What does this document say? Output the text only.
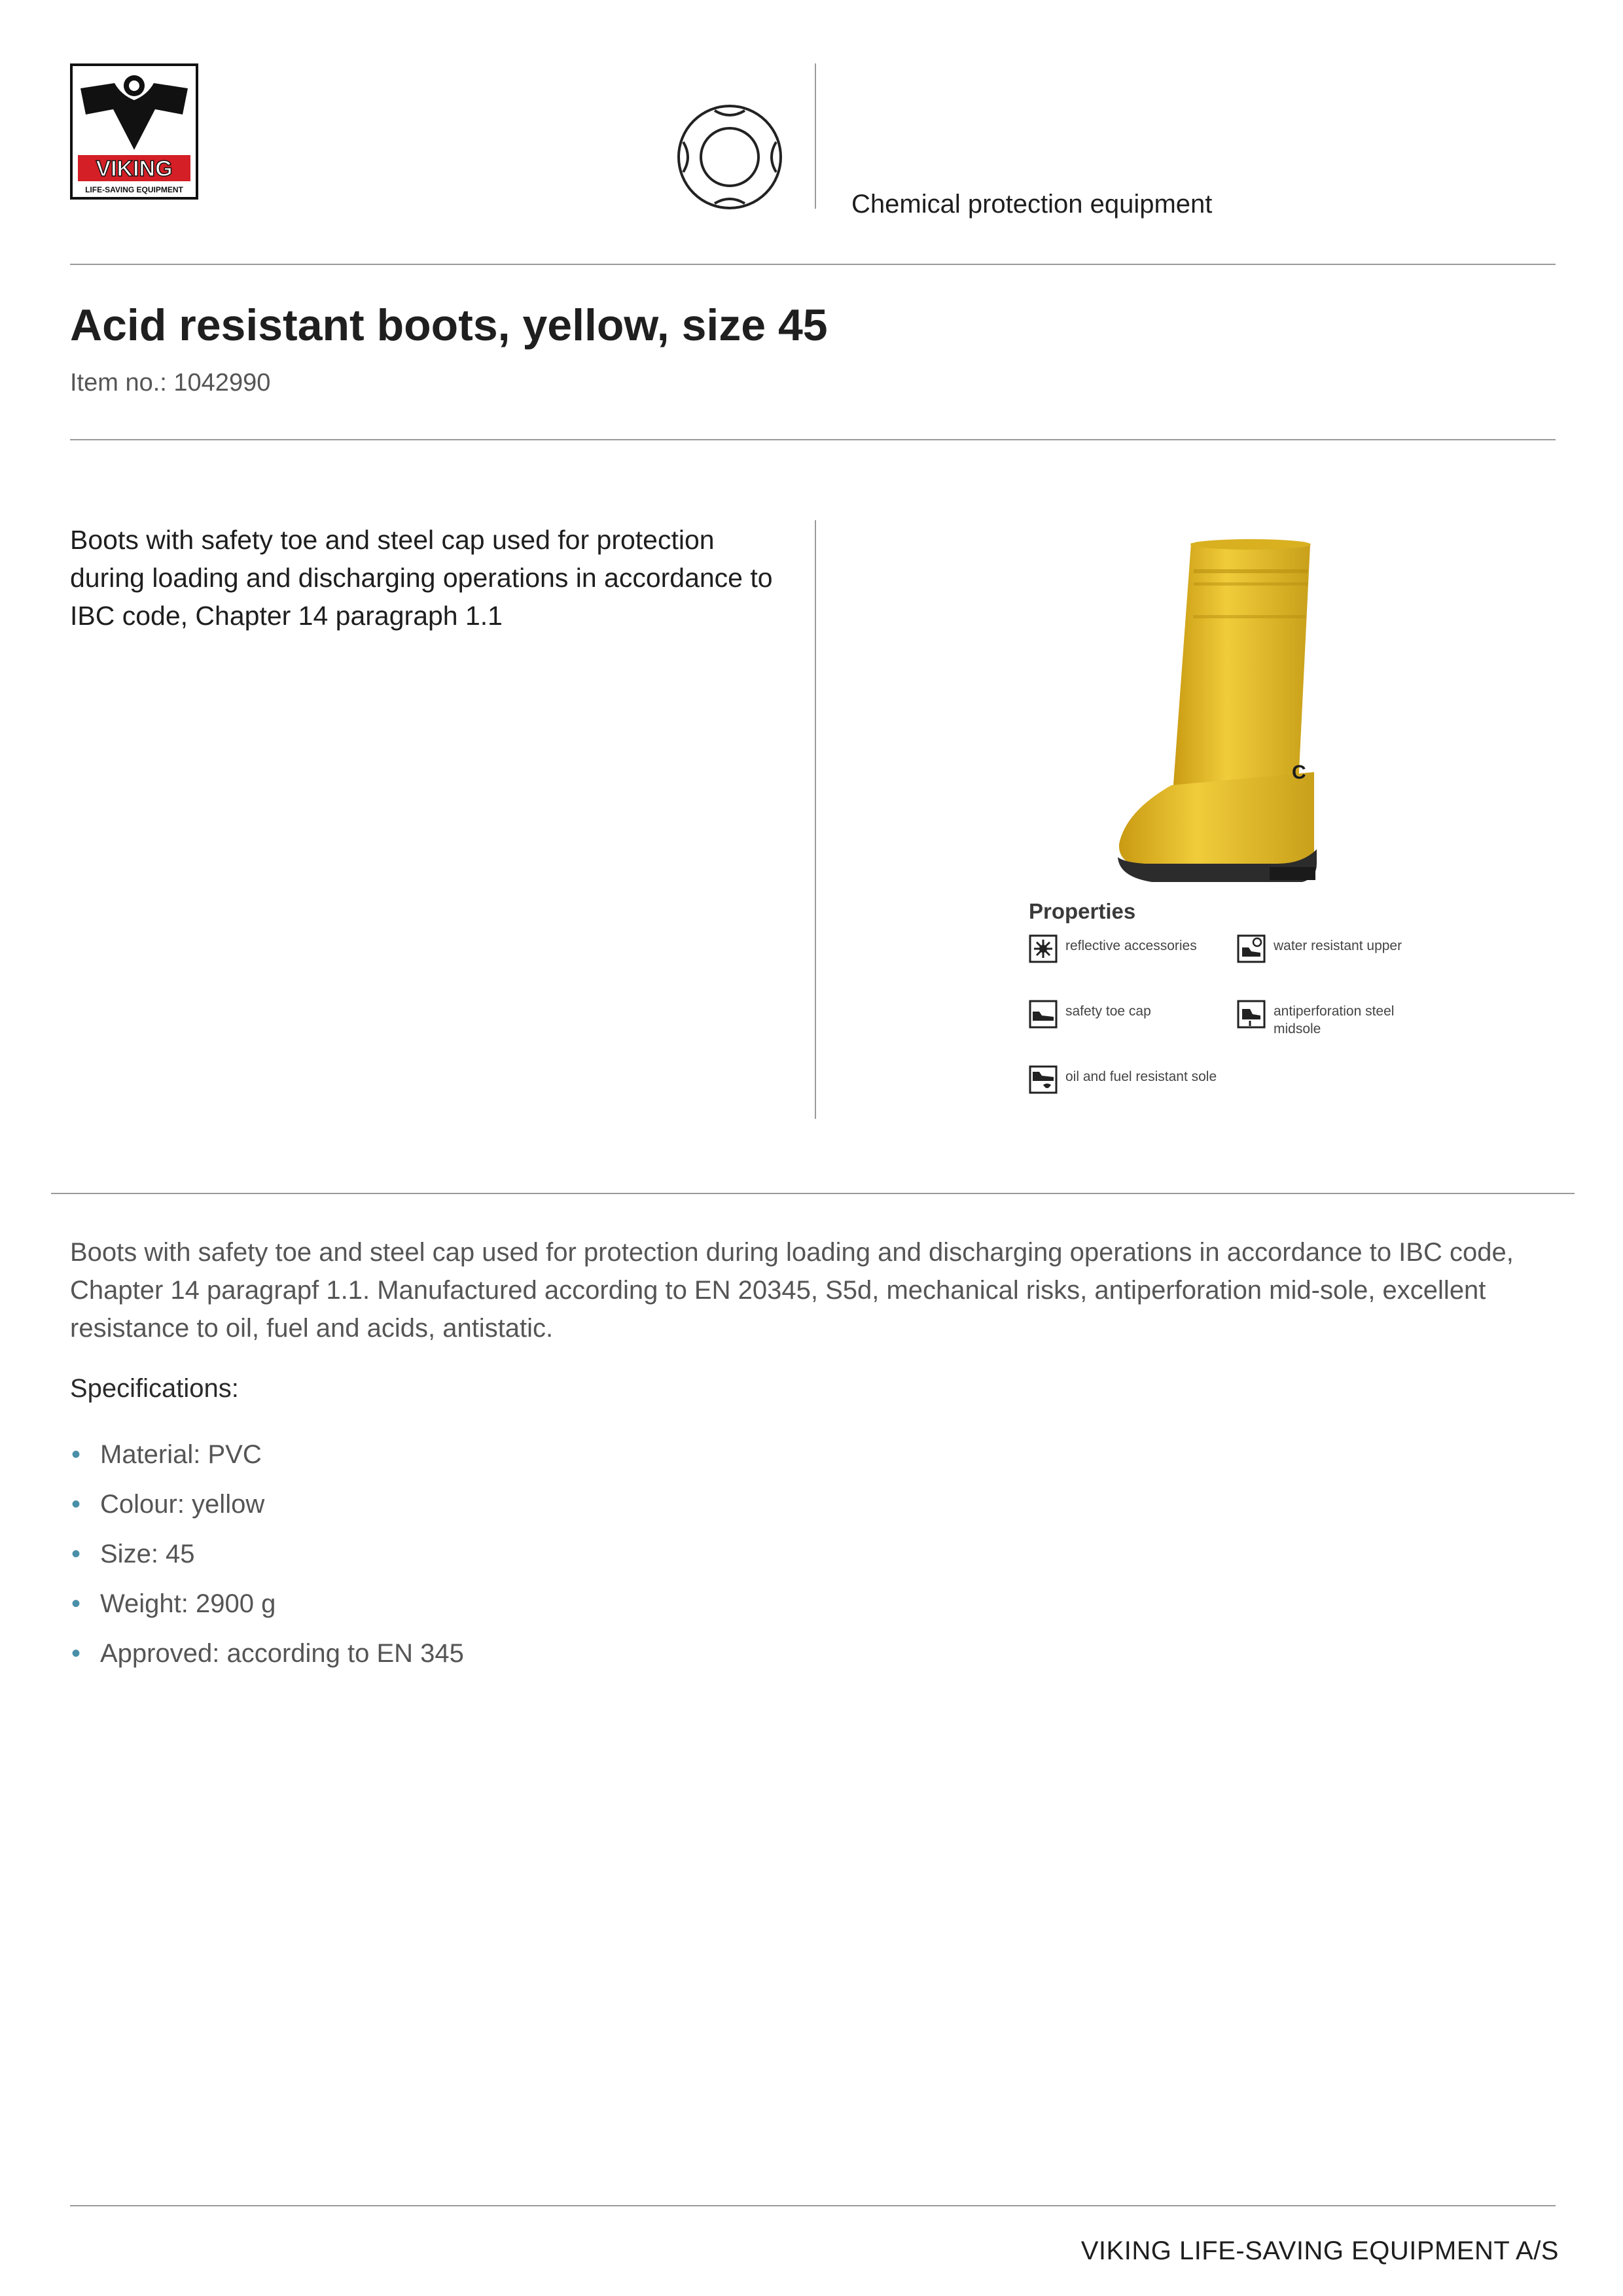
VIKING
LIFE-SAVING EQUIPMENT	Chemical protection equipment
Acid resistant boots, yellow, size 45
Item no.: 1042990
Boots with safety toe and steel cap used for protection during loading and discharging operations in accordance to IBC code, Chapter 14 paragraph 1.1
C
Properties
reflective accessories	water resistant upper
safety toe cap	antiperforation steel midsole
oil and fuel resistant sole
Boots with safety toe and steel cap used for protection during loading and discharging operations in accordance to IBC code, Chapter 14 paragrapf 1.1. Manufactured according to EN 20345, S5d, mechanical risks, antiperforation mid-sole, excellent resistance to oil, fuel and acids, antistatic.
Specifications:
• Material: PVC
• Colour: yellow
• Size: 45
• Weight: 2900 g
• Approved: according to EN 345
VIKING LIFE-SAVING EQUIPMENT A/S
